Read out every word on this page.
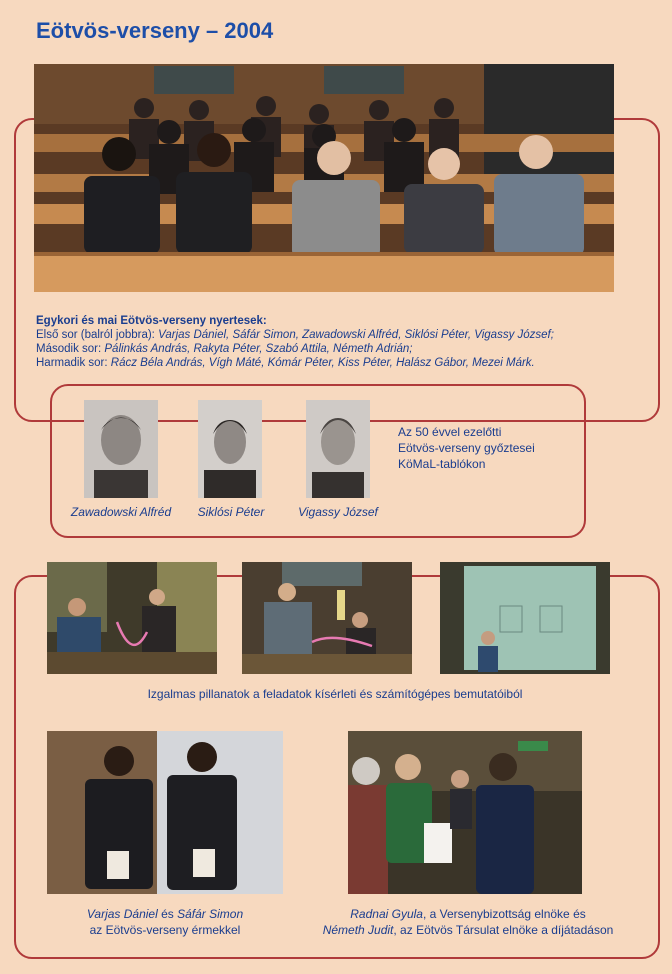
Eötvös-verseny – 2004
Egykori és mai Eötvös-verseny nyertesek:
Első sor (balról jobbra): Varjas Dániel, Sáfár Simon, Zawadowski Alfréd, Siklósi Péter, Vigassy József;
Második sor: Pálinkás András, Rakyta Péter, Szabó Attila, Németh Adrián;
Harmadik sor: Rácz Béla András, Vígh Máté, Kómár Péter, Kiss Péter, Halász Gábor, Mezei Márk.
Zawadowski Alfréd	Siklósi Péter	Vigassy József
Az 50 évvel ezelőtti
Eötvös-verseny győztesei
KöMaL-tablókon
Izgalmas pillanatok a feladatok kísérleti és számítógépes bemutatóiból
Varjas Dániel és Sáfár Simon
az Eötvös-verseny érmekkel
Radnai Gyula, a Versenybizottság elnöke és
Németh Judit, az Eötvös Társulat elnöke a díjátadáson
